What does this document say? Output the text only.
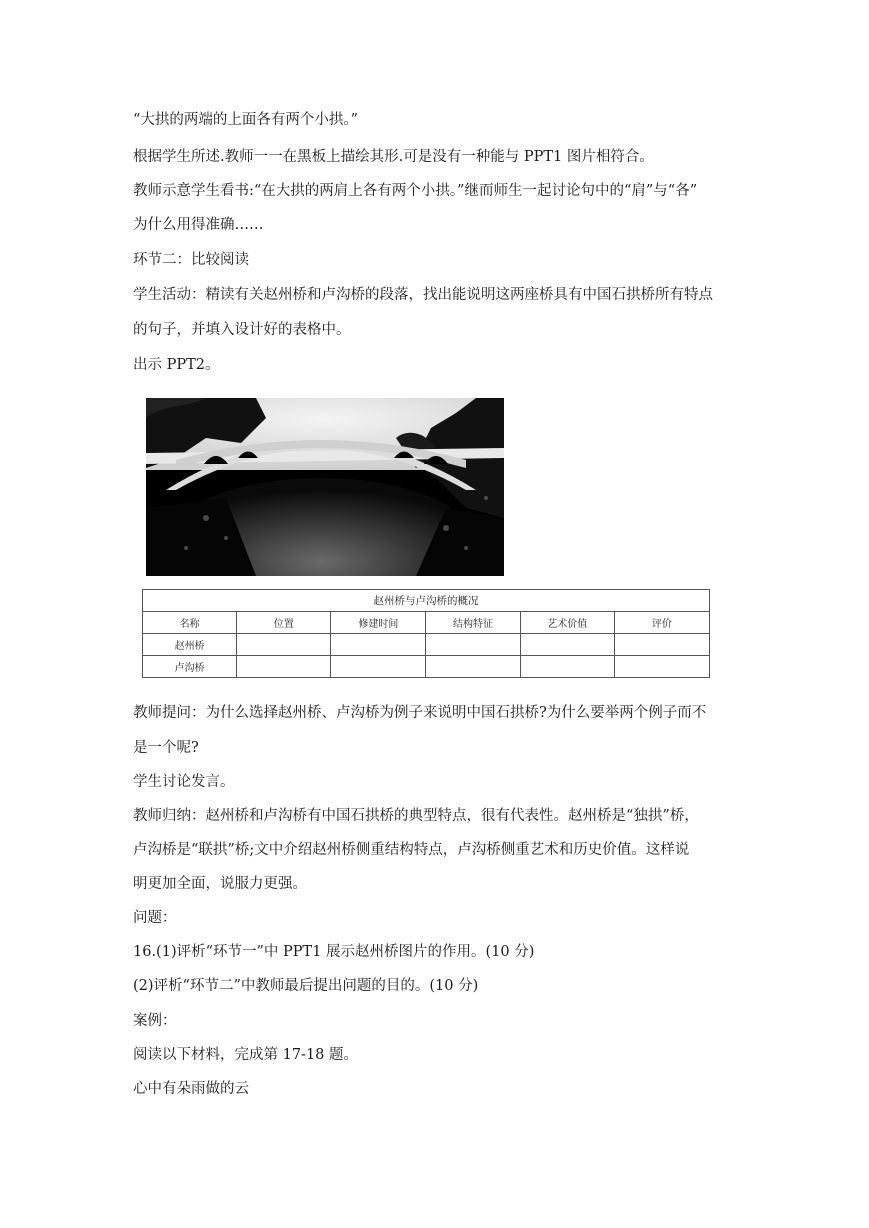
“大拱的两端的上面各有两个小拱。”

根据学生所述.教师一一在黑板上描绘其形.可是没有一种能与 PPT1 图片相符合。

教师示意学生看书:“在大拱的两肩上各有两个小拱。”继而师生一起讨论句中的“肩”与“各”

为什么用得准确……

环节二：比较阅读

学生活动：精读有关赵州桥和卢沟桥的段落，找出能说明这两座桥具有中国石拱桥所有特点

的句子，并填入设计好的表格中。

出示 PPT2。

赵州桥与卢沟桥的概况					
名称	位置	修建时间	结构特征	艺术价值	评价
赵州桥					
卢沟桥					

教师提问：为什么选择赵州桥、卢沟桥为例子来说明中国石拱桥?为什么要举两个例子而不

是一个呢?

学生讨论发言。

教师归纳：赵州桥和卢沟桥有中国石拱桥的典型特点，很有代表性。赵州桥是“独拱”桥，

卢沟桥是“联拱”桥;文中介绍赵州桥侧重结构特点，卢沟桥侧重艺术和历史价值。这样说

明更加全面，说服力更强。

问题：

16.(1)评析“环节一”中 PPT1 展示赵州桥图片的作用。(10 分)

(2)评析“环节二”中教师最后提出问题的目的。(10 分)

案例：

阅读以下材料，完成第 17-18 题。

心中有朵雨做的云
